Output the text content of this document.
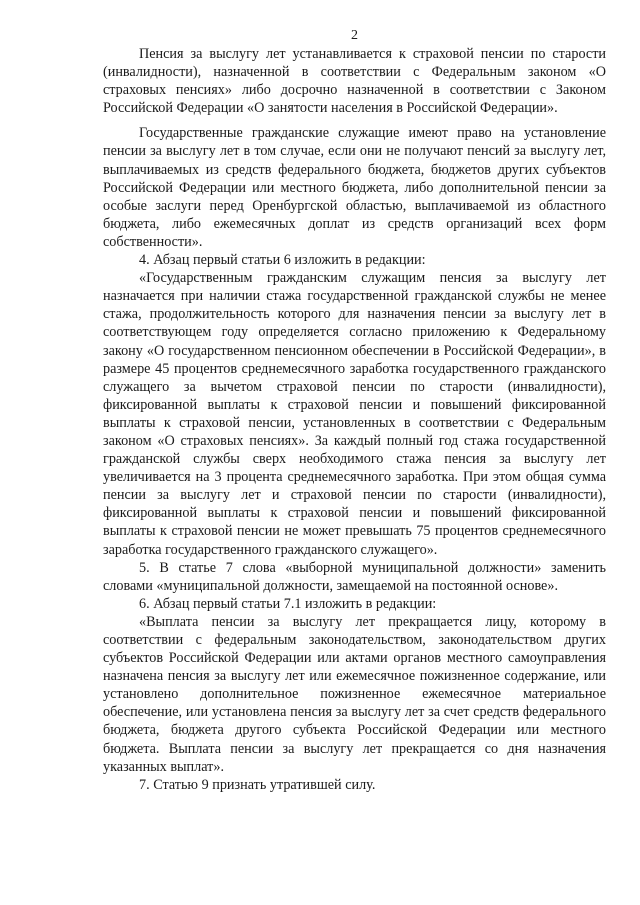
2

Пенсия за выслугу лет устанавливается к страховой пенсии по старости (инвалидности), назначенной в соответствии с Федеральным законом «О страховых пенсиях» либо досрочно назначенной в соответствии с Законом Российской Федерации «О занятости населения в Российской Федерации».

Государственные гражданские служащие имеют право на установление пенсии за выслугу лет в том случае, если они не получают пенсий за выслугу лет, выплачиваемых из средств федерального бюджета, бюджетов других субъектов Российской Федерации или местного бюджета, либо дополнительной пенсии за особые заслуги перед Оренбургской областью, выплачиваемой из областного бюджета, либо ежемесячных доплат из средств организаций всех форм собственности».

4. Абзац первый статьи 6 изложить в редакции:

«Государственным гражданским служащим пенсия за выслугу лет назначается при наличии стажа государственной гражданской службы не менее стажа, продолжительность которого для назначения пенсии за выслугу лет в соответствующем году определяется согласно приложению к Федеральному закону «О государственном пенсионном обеспечении в Российской Федерации», в размере 45 процентов среднемесячного заработка государственного гражданского служащего за вычетом страховой пенсии по старости (инвалидности), фиксированной выплаты к страховой пенсии и повышений фиксированной выплаты к страховой пенсии, установленных в соответствии с Федеральным законом «О страховых пенсиях». За каждый полный год стажа государственной гражданской службы сверх необходимого стажа пенсия за выслугу лет увеличивается на 3 процента среднемесячного заработка. При этом общая сумма пенсии за выслугу лет и страховой пенсии по старости (инвалидности), фиксированной выплаты к страховой пенсии и повышений фиксированной выплаты к страховой пенсии не может превышать 75 процентов среднемесячного заработка государственного гражданского служащего».

5. В статье 7 слова «выборной муниципальной должности» заменить словами «муниципальной должности, замещаемой на постоянной основе».

6. Абзац первый статьи 7.1 изложить в редакции:

«Выплата пенсии за выслугу лет прекращается лицу, которому в соответствии с федеральным законодательством, законодательством других субъектов Российской Федерации или актами органов местного самоуправления назначена пенсия за выслугу лет или ежемесячное пожизненное содержание, или установлено дополнительное пожизненное ежемесячное материальное обеспечение, или установлена пенсия за выслугу лет за счет средств федерального бюджета, бюджета другого субъекта Российской Федерации или местного бюджета. Выплата пенсии за выслугу лет прекращается со дня назначения указанных выплат».

7. Статью 9 признать утратившей силу.
